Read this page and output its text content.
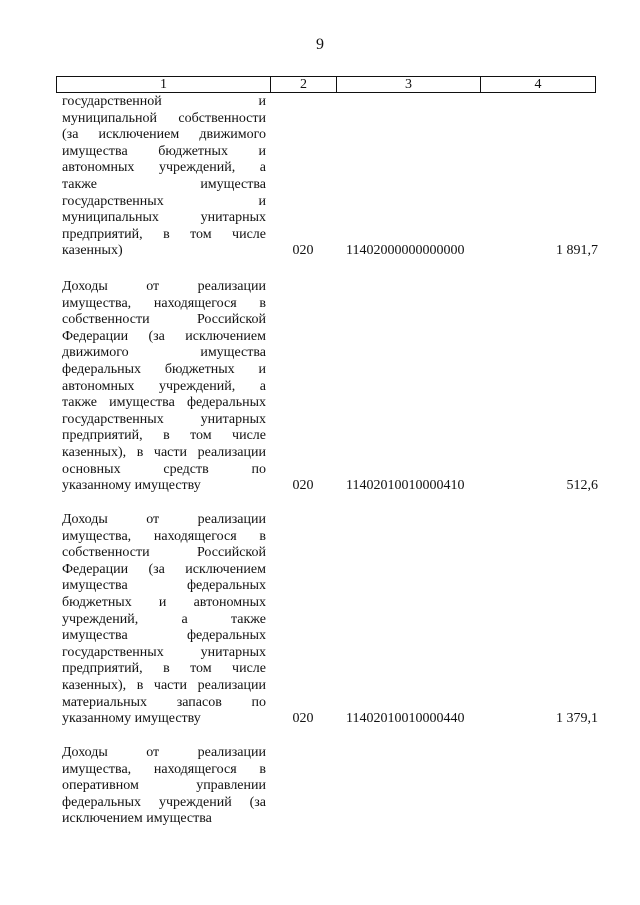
9
1	2	3	4
государственной и
муниципальной собственности
(за исключением движимого
имущества бюджетных и
автономных учреждений, а
также имущества
государственных и
муниципальных унитарных
предприятий, в том числе
казенных)	020	11402000000000000	1 891,7
Доходы от реализации
имущества, находящегося в
собственности Российской
Федерации (за исключением
движимого имущества
федеральных бюджетных и
автономных учреждений, а
также имущества федеральных
государственных унитарных
предприятий, в том числе
казенных), в части реализации
основных средств по
указанному имуществу	020	11402010010000410	512,6
Доходы от реализации
имущества, находящегося в
собственности Российской
Федерации (за исключением
имущества федеральных
бюджетных и автономных
учреждений, а также
имущества федеральных
государственных унитарных
предприятий, в том числе
казенных), в части реализации
материальных запасов по
указанному имуществу	020	11402010010000440	1 379,1
Доходы от реализации
имущества, находящегося в
оперативном управлении
федеральных учреждений (за
исключением имущества
